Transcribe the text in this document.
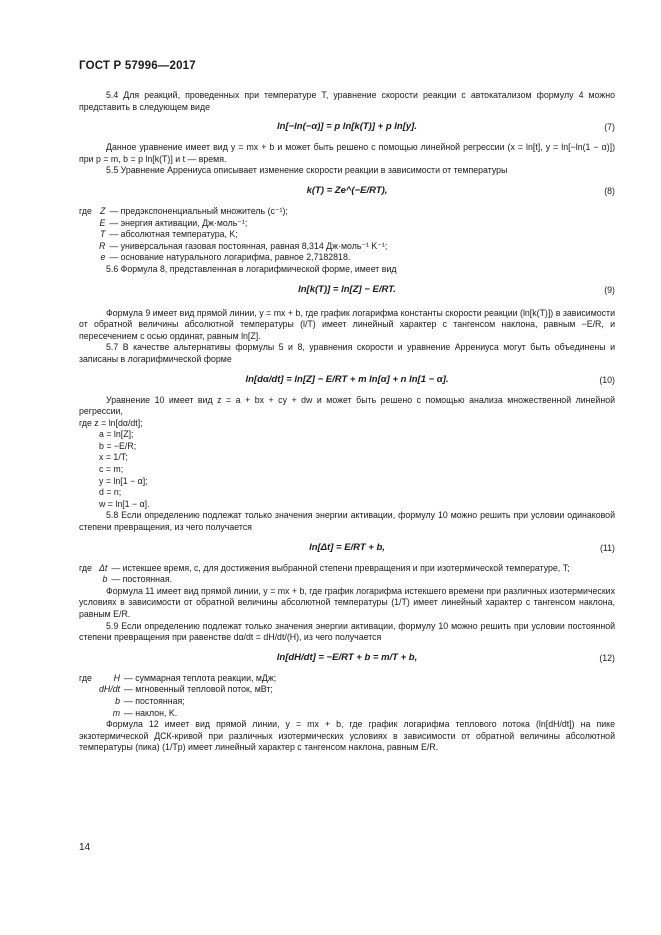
ГОСТ Р 57996—2017

5.4 Для реакций, проведенных при температуре T, уравнение скорости реакции с автокатализом формулу 4 можно представить в следующем виде

ln[−ln(−α)] = p ln[k(T)] + p ln[y].	(7)

Данное уравнение имеет вид y = mx + b и может быть решено с помощью линейной регрессии (x = ln[t], y = ln[−ln(1 − α)]) при p = m, b = p ln[k(T)] и t — время.

5.5 Уравнение Аррениуса описывает изменение скорости реакции в зависимости от температуры

k(T) = Ze^(−E/RT),	(8)
где	Z	— предэкспоненциальный множитель (с⁻¹);
	E	— энергия активации, Дж·моль⁻¹;
	T	— абсолютная температура, K;
	R	— универсальная газовая постоянная, равная 8,314 Дж·моль⁻¹ K⁻¹;
	e	— основание натурального логарифма, равное 2,7182818.

5.6 Формула 8, представленная в логарифмической форме, имеет вид

ln[k(T)] = ln[Z] − E/RT.	(9)

Формула 9 имеет вид прямой линии, y = mx + b, где график логарифма константы скорости реакции (ln[k(T)]) в зависимости от обратной величины абсолютной температуры (l/T) имеет линейный характер с тангенсом наклона, равным −E/R, и пересечением с осью ординат, равным ln[Z].

5.7 В качестве альтернативы формулы 5 и 8, уравнения скорости и уравнение Аррениуса могут быть объединены и записаны в логарифмической форме

ln[dα/dt] = ln[Z] − E/RT + m ln[α] + n ln[1 − α].	(10)

Уравнение 10 имеет вид z = a + bx + cy + dw и может быть решено с помощью анализа множественной линейной регрессии,

где z = ln[dα/dt];
a = ln[Z];
b = −E/R;
x = 1/T;
c = m;
y = ln[1 − α];
d = n;
w = ln[1 − α].

5.8 Если определению подлежат только значения энергии активации, формулу 10 можно решить при условии одинаковой степени превращения, из чего получается

ln[Δt] = E/RT + b,	(11)
где	Δt	— истекшее время, с, для достижения выбранной степени превращения и при изотермической температуре, T;
	b	— постоянная.

Формула 11 имеет вид прямой линии, y = mx + b, где график логарифма истекшего времени при различных изотермических условиях в зависимости от обратной величины абсолютной температуры (1/T) имеет линейный характер с тангенсом наклона, равным E/R.

5.9 Если определению подлежат только значения энергии активации, формулу 10 можно решить при условии постоянной степени превращения при равенстве dα/dt = dH/dt/(H), из чего получается

ln[dH/dt] = −E/RT + b = m/T + b,	(12)
где	H	— суммарная теплота реакции, мДж;
	dH/dt	— мгновенный тепловой поток, мВт;
	b	— постоянная;
	m	— наклон, K.

Формула 12 имеет вид прямой линии, y = mx + b, где график логарифма теплового потока (ln[dH/dt]) на пике экзотермической ДСК-кривой при различных изотермических условиях в зависимости от обратной величины абсолютной температуры (пика) (1/Tp) имеет линейный характер с тангенсом наклона, равным E/R.

14
